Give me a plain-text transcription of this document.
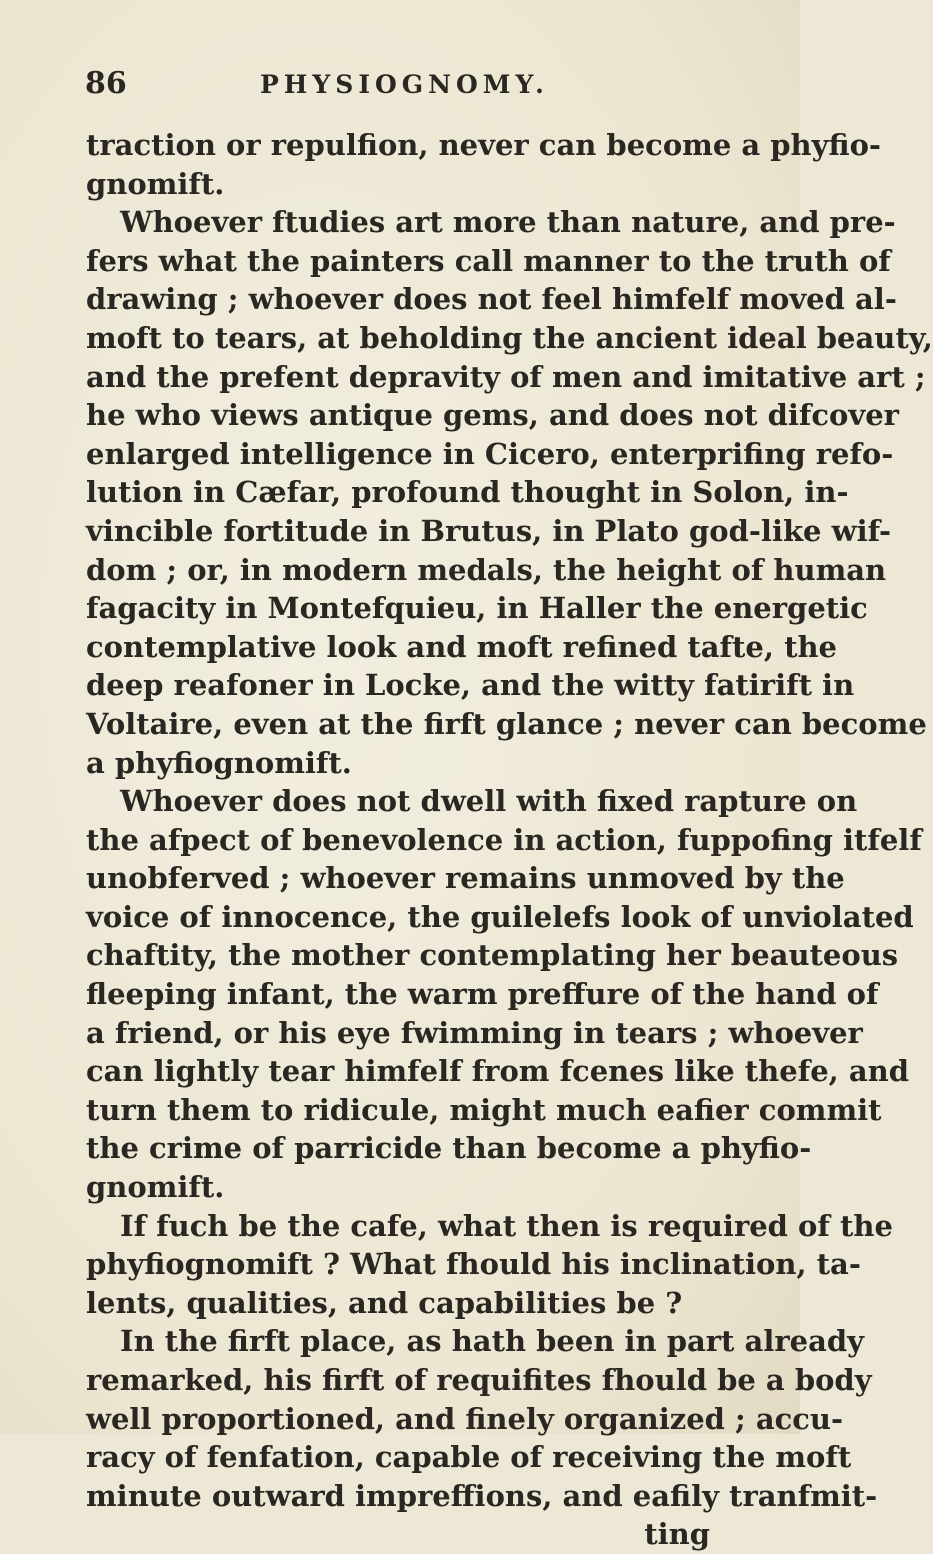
86	PHYSIOGNOMY.
traction or repulfion, never can become a phyfio-
gnomift.
Whoever ftudies art more than nature, and pre-
fers what the painters call manner to the truth of
drawing ; whoever does not feel himfelf moved al-
moft to tears, at beholding the ancient ideal beauty,
and the prefent depravity of men and imitative art ;
he who views antique gems, and does not difcover
enlarged intelligence in Cicero, enterprifing refo-
lution in Cæfar, profound thought in Solon, in-
vincible fortitude in Brutus, in Plato god-like wif-
dom ; or, in modern medals, the height of human
fagacity in Montefquieu, in Haller the energetic
contemplative look and moft refined tafte, the
deep reafoner in Locke, and the witty fatirift in
Voltaire, even at the firft glance ; never can become
a phyfiognomift.
Whoever does not dwell with fixed rapture on
the afpect of benevolence in action, fuppofing itfelf
unobferved ; whoever remains unmoved by the
voice of innocence, the guilelefs look of unviolated
chaftity, the mother contemplating her beauteous
fleeping infant, the warm preffure of the hand of
a friend, or his eye fwimming in tears ; whoever
can lightly tear himfelf from fcenes like thefe, and
turn them to ridicule, might much eafier commit
the crime of parricide than become a phyfio-
gnomift.
If fuch be the cafe, what then is required of the
phyfiognomift ? What fhould his inclination, ta-
lents, qualities, and capabilities be ?
In the firft place, as hath been in part already
remarked, his firft of requifites fhould be a body
well proportioned, and finely organized ; accu-
racy of fenfation, capable of receiving the moft
minute outward impreffions, and eafily tranfmit-
ting
